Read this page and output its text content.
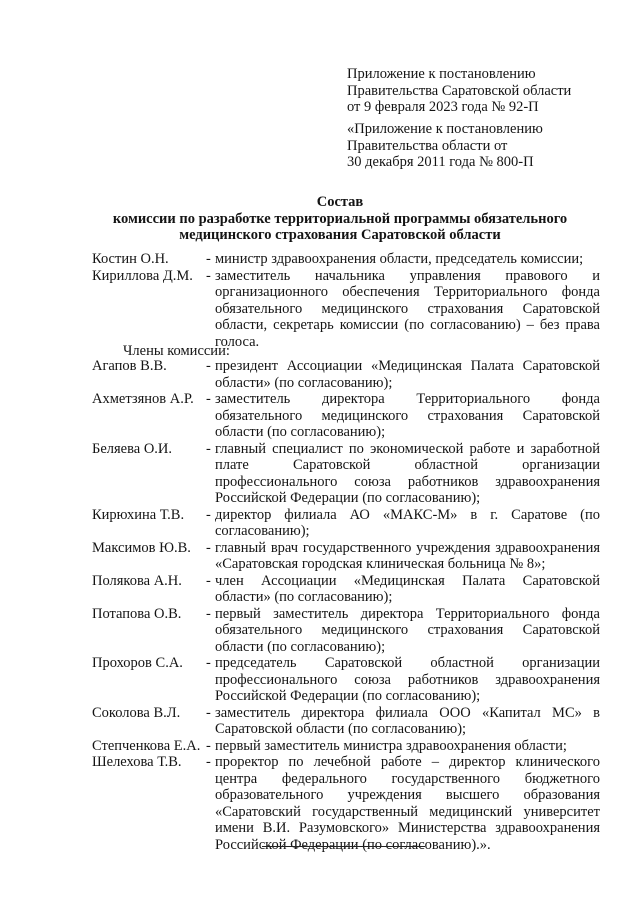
Приложение к постановлению
Правительства Саратовской области
от 9 февраля 2023 года № 92-П
«Приложение к постановлению
Правительства области от
30 декабря 2011 года № 800-П
Состав
комиссии по разработке территориальной программы обязательного
медицинского страхования Саратовской области
Костин О.Н.	- министр здравоохранения области, председатель комиссии;
Кириллова Д.М. - заместитель начальника управления правового и организационного обеспечения Территориального фонда обязательного медицинского страхования Саратовской области, секретарь комиссии (по согласованию) – без права голоса.
Члены комиссии:
Агапов В.В.	- президент Ассоциации «Медицинская Палата Саратовской области» (по согласованию);
Ахметзянов А.Р. - заместитель директора Территориального фонда обязательного медицинского страхования Саратовской области (по согласованию);
Беляева О.И.	- главный специалист по экономической работе и заработной плате Саратовской областной организации профессионального союза работников здравоохранения Российской Федерации (по согласованию);
Кирюхина Т.В.	- директор филиала АО «МАКС-М» в г. Саратове (по согласованию);
Максимов Ю.В.	- главный врач государственного учреждения здравоохранения «Саратовская городская клиническая больница № 8»;
Полякова А.Н.	- член Ассоциации «Медицинская Палата Саратовской области» (по согласованию);
Потапова О.В.	- первый заместитель директора Территориального фонда обязательного медицинского страхования Саратовской области (по согласованию);
Прохоров С.А.	- председатель Саратовской областной организации профессионального союза работников здравоохранения Российской Федерации (по согласованию);
Соколова В.Л.	- заместитель директора филиала ООО «Капитал МС» в Саратовской области (по согласованию);
Степченкова Е.А. - первый заместитель министра здравоохранения области;
Шелехова Т.В.	- проректор по лечебной работе – директор клинического центра федерального государственного бюджетного образовательного учреждения высшего образования «Саратовский государственный медицинский университет имени В.И. Разумовского» Министерства здравоохранения Российской Федерации (по согласованию).».
